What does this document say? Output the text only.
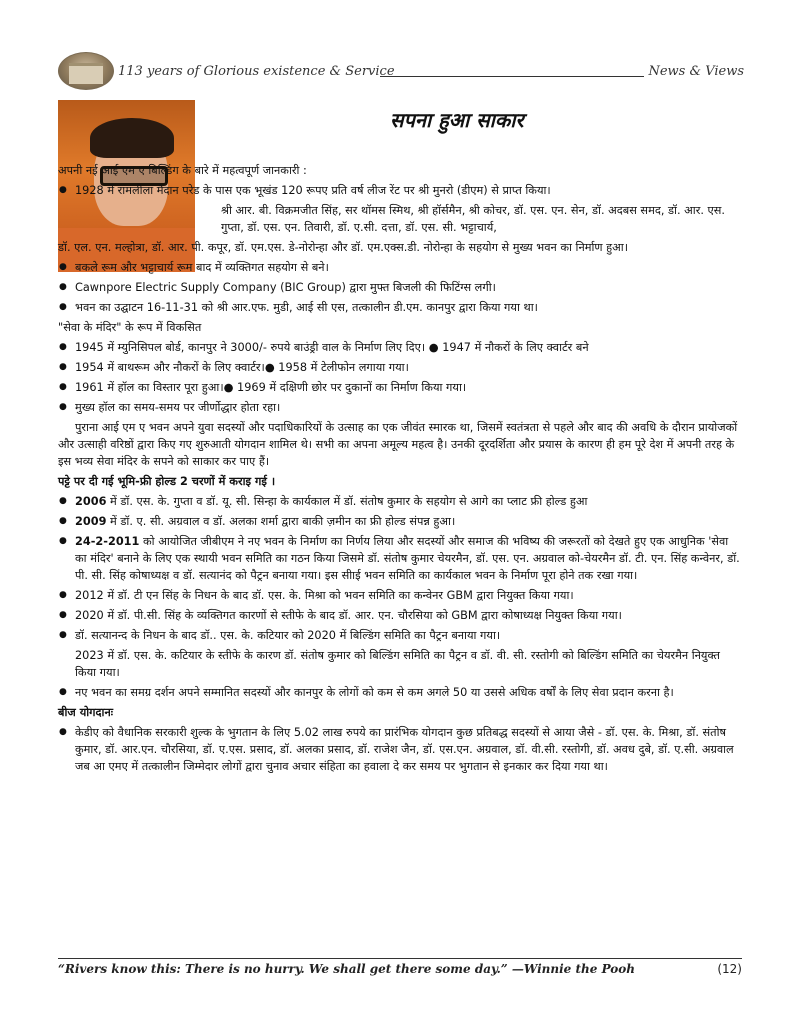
113 years of Glorious existence & Service	News & Views
सपना हुआ साकार
अपनी नई आई एम ए बिल्डिंग के बारे में महत्वपूर्ण जानकारी :
● 1928 में रामलीला मैदान परेड के पास एक भूखंड 120 रूपए प्रति वर्ष लीज रेंट पर श्री मुनरो (डीएम) से प्राप्त किया।
श्री आर. बी. विक्रमजीत सिंह, सर थॉमस स्मिथ, श्री हॉर्समैन, श्री कोचर, डॉ. एस. एन. सेन, डॉ. अदबस समद, डॉ. आर. एस. गुप्ता, डॉ. एस. एन. तिवारी, डॉ. ए.सी. दत्ता, डॉ. एस. सी. भट्टाचार्य,
डॉ. एल. एन. मल्होत्रा, डॉ. आर. पी. कपूर, डॉ. एम.एस. डे-नोरोन्हा और डॉ. एम.एक्स.डी. नोरोन्हा के सहयोग से मुख्य भवन का निर्माण हुआ।
● बकले रूम और भट्टाचार्य रूम बाद में व्यक्तिगत सहयोग से बने।
● Cawnpore Electric Supply Company (BIC Group) द्वारा मुफ्त बिजली की फिटिंग्स लगी।
● भवन का उद्घाटन 16-11-31 को श्री आर.एफ. मुडी, आई सी एस, तत्कालीन डी.एम. कानपुर द्वारा किया गया था।
"सेवा के मंदिर" के रूप में विकसित
● 1945 में म्युनिसिपल बोर्ड, कानपुर ने 3000/- रुपये बाउंड्री वाल के निर्माण लिए दिए। ● 1947 में नौकरों के लिए क्वार्टर बने
● 1954 में बाथरूम और नौकरों के लिए क्वार्टर।● 1958 में टेलीफोन लगाया गया।
● 1961 में हॉल का विस्तार पूरा हुआ।● 1969 में दक्षिणी छोर पर दुकानों का निर्माण किया गया।
● मुख्य हॉल का समय-समय पर जीर्णोद्धार होता रहा।
पुराना आई एम ए भवन अपने युवा सदस्यों और पदाधिकारियों के उत्साह का एक जीवंत स्मारक था, जिसमें स्वतंत्रता से पहले और बाद की अवधि के दौरान प्रायोजकों और उत्साही वरिष्ठों द्वारा किए गए शुरुआती योगदान शामिल थे। सभी का अपना अमूल्य महत्व है। उनकी दूरदर्शिता और प्रयास के कारण ही हम पूरे देश में अपनी तरह के इस भव्य सेवा मंदिर के सपने को साकार कर पाए हैं।
पट्टे पर दी गई भूमि-फ्री होल्ड 2 चरणों में कराइ गई ।
● 2006 में डॉ. एस. के. गुप्ता व डॉ. यू. सी. सिन्हा के कार्यकाल में डॉ. संतोष कुमार के सहयोग से आगे का प्लाट फ्री होल्ड हुआ
● 2009 में डॉ. ए. सी. अग्रवाल व डॉ. अलका शर्मा द्वारा बाकी ज़मीन का फ्री होल्ड संपन्न हुआ।
● 24-2-2011 को आयोजित जीबीएम ने नए भवन के निर्माण का निर्णय लिया और सदस्यों और समाज की भविष्य की जरूरतों को देखते हुए एक आधुनिक 'सेवा का मंदिर' बनाने के लिए एक स्थायी भवन समिति का गठन किया जिसमे डॉ. संतोष कुमार चेयरमैन, डॉ. एस. एन. अग्रवाल को-चेयरमैन डॉ. टी. एन. सिंह कन्वेनर, डॉ. पी. सी. सिंह कोषाध्यक्ष व डॉ. सत्यानंद को पैट्रन बनाया गया। इस सीाई भवन समिति का कार्यकाल भवन के निर्माण पूरा होने तक रखा गया।
● 2012 में डॉ. टी एन सिंह के निधन के बाद डॉ. एस. के. मिश्रा को भवन समिति का कन्वेनर GBM द्वारा नियुक्त किया गया।
● 2020 में डॉ. पी.सी. सिंह के व्यक्तिगत कारणों से स्तीफे के बाद डॉ. आर. एन. चौरसिया को GBM द्वारा कोषाध्यक्ष नियुक्त किया गया।
● डॉ. सत्यानन्द के निधन के बाद डॉ.. एस. के. कटियार को 2020 में बिल्डिंग समिति का पैट्रन बनाया गया।
2023 में डॉ. एस. के. कटियार के स्तीफे के कारण डॉ. संतोष कुमार को बिल्डिंग समिति का पैट्रन व डॉ. वी. सी. रस्तोगी को बिल्डिंग समिति का चेयरमैन नियुक्त किया गया।
● नए भवन का समग्र दर्शन अपने सम्मानित सदस्यों और कानपुर के लोगों को कम से कम अगले 50 या उससे अधिक वर्षों के लिए सेवा प्रदान करना है।
बीज योगदानः
● केडीए को वैधानिक सरकारी शुल्क के भुगतान के लिए 5.02 लाख रुपये का प्रारंभिक योगदान कुछ प्रतिबद्ध सदस्यों से आया जैसे - डॉ. एस. के. मिश्रा, डॉ. संतोष कुमार, डॉ. आर.एन. चौरसिया, डॉ. ए.एस. प्रसाद, डॉ. अलका प्रसाद, डॉ. राजेश जैन, डॉ. एस.एन. अग्रवाल, डॉ. वी.सी. रस्तोगी, डॉ. अवध दुबे, डॉ. ए.सी. अग्रवाल जब आ एमए में तत्कालीन जिम्मेदार लोगों द्वारा चुनाव अचार संहिता का हवाला दे कर समय पर भुगतान से इनकार कर दिया गया था।
“Rivers know this: There is no hurry. We shall get there some day.” —Winnie the Pooh	(12)
